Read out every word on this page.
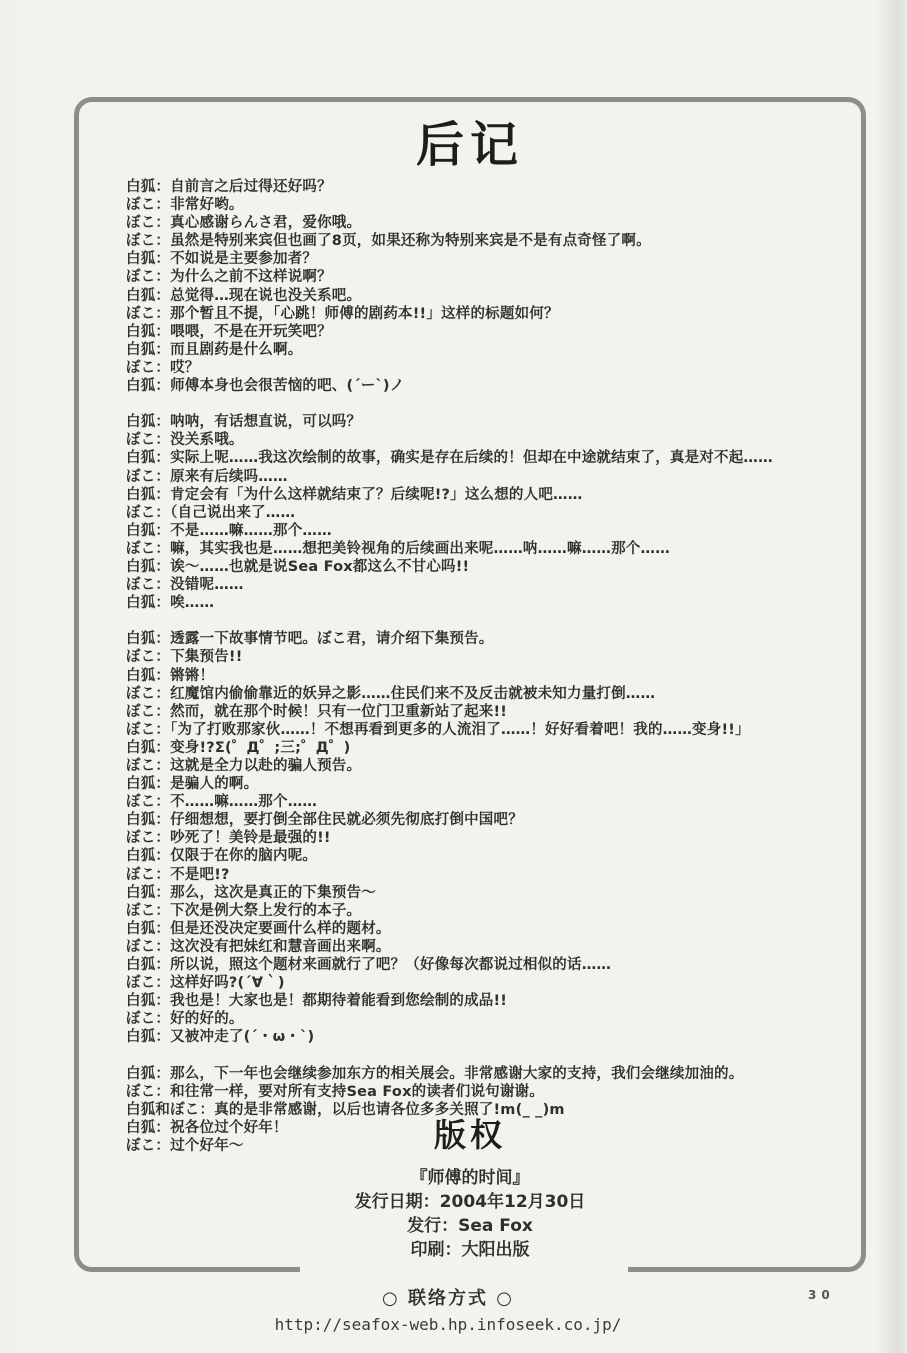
后记
白狐：自前言之后过得还好吗？
ぼこ：非常好哟。
ぼこ：真心感谢らんさ君，爱你哦。
ぼこ：虽然是特别来宾但也画了8页，如果还称为特别来宾是不是有点奇怪了啊。
白狐：不如说是主要参加者？
ぼこ：为什么之前不这样说啊？
白狐：总觉得…现在说也没关系吧。
ぼこ：那个暂且不提，「心跳！师傅的剧药本!!」这样的标题如何？
白狐：喂喂，不是在开玩笑吧？
白狐：而且剧药是什么啊。
ぼこ：哎？
白狐：师傅本身也会很苦恼的吧、(´ー`)ノ
白狐：呐呐，有话想直说，可以吗？
ぼこ：没关系哦。
白狐：实际上呢……我这次绘制的故事，确实是存在后续的！但却在中途就结束了，真是对不起……
ぼこ：原来有后续吗……
白狐：肯定会有「为什么这样就结束了？后续呢!?」这么想的人吧……
ぼこ：（自己说出来了……
白狐：不是……嘛……那个……
ぼこ：嘛，其实我也是……想把美铃视角的后续画出来呢……呐……嘛……那个……
白狐：诶～……也就是说Sea Fox都这么不甘心吗!!
ぼこ：没错呢……
白狐：唉……
白狐：透露一下故事情节吧。ぼこ君，请介绍下集预告。
ぼこ：下集预告!!
白狐：锵锵！
ぼこ：红魔馆内偷偷靠近的妖异之影……住民们来不及反击就被未知力量打倒……
ぼこ：然而，就在那个时候！只有一位门卫重新站了起来!!
ぼこ：「为了打败那家伙……！不想再看到更多的人流泪了……！好好看着吧！我的……变身!!」
白狐：变身!?Σ(゜Д゜;三;゜Д゜)
ぼこ：这就是全力以赴的骗人预告。
白狐：是骗人的啊。
ぼこ：不……嘛……那个……
白狐：仔细想想，要打倒全部住民就必须先彻底打倒中国吧？
ぼこ：吵死了！美铃是最强的!!
白狐：仅限于在你的脑内呢。
ぼこ：不是吧!?
白狐：那么，这次是真正的下集预告～
ぼこ：下次是例大祭上发行的本子。
白狐：但是还没决定要画什么样的题材。
ぼこ：这次没有把妹红和慧音画出来啊。
白狐：所以说，照这个题材来画就行了吧？（好像每次都说过相似的话……
ぼこ：这样好吗?(´∀｀)
白狐：我也是！大家也是！都期待着能看到您绘制的成品!!
ぼこ：好的好的。
白狐：又被冲走了(´・ω・`)
白狐：那么，下一年也会继续参加东方的相关展会。非常感谢大家的支持，我们会继续加油的。
ぼこ：和往常一样，要对所有支持Sea Fox的读者们说句谢谢。
白狐和ぼこ：真的是非常感谢，以后也请各位多多关照了!m(_ _)m
白狐：祝各位过个好年！
ぼこ：过个好年～	版权
『师傅的时间』
发行日期：2004年12月30日
发行：Sea Fox
印刷：大阳出版
○ 联络方式 ○
http://seafox-web.hp.infoseek.co.jp/
30
